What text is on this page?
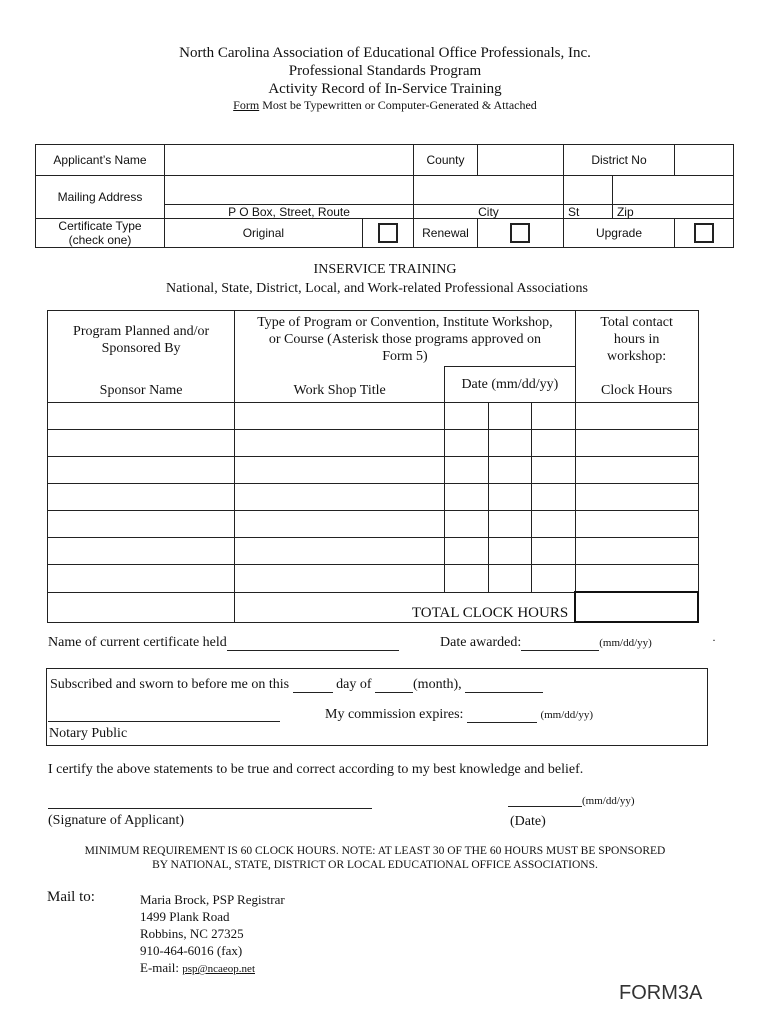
North Carolina Association of Educational Office Professionals, Inc.
Professional Standards Program
Activity Record of In-Service Training
Form Most be Typewritten or Computer-Generated & Attached
Applicant’s Name			County		District No		
Mailing Address							
	P O Box, Street, Route		City		St	Zip	
Certificate Type (check one)	Original		Renewal		Upgrade		
INSERVICE TRAINING
National, State, District, Local, and Work-related Professional Associations
Program Planned and/or Sponsored By	Type of Program or Convention, Institute Workshop, or Course (Asterisk those programs approved on Form 5)				Total contact hours in workshop:
Sponsor Name	Work Shop Title	Date (mm/dd/yy)			Clock Hours

	TOTAL CLOCK HOURS				
Name of current certificate held	Date awarded:	(mm/dd/yy)	·
Subscribed and sworn to before me on this	day of	(month),
My commission expires:	(mm/dd/yy)
Notary Public
I certify the above statements to be true and correct according to my best knowledge and belief.
(mm/dd/yy)
(Signature of Applicant)	(Date)
MINIMUM REQUIREMENT IS 60 CLOCK HOURS. NOTE: AT LEAST 30 OF THE 60 HOURS MUST BE SPONSORED
BY NATIONAL, STATE, DISTRICT OR LOCAL EDUCATIONAL OFFICE ASSOCIATIONS.
Mail to:	Maria Brock, PSP Registrar
1499 Plank Road
Robbins, NC 27325
910-464-6016 (fax)
E-mail: psp@ncaeop.net
FORM3A
